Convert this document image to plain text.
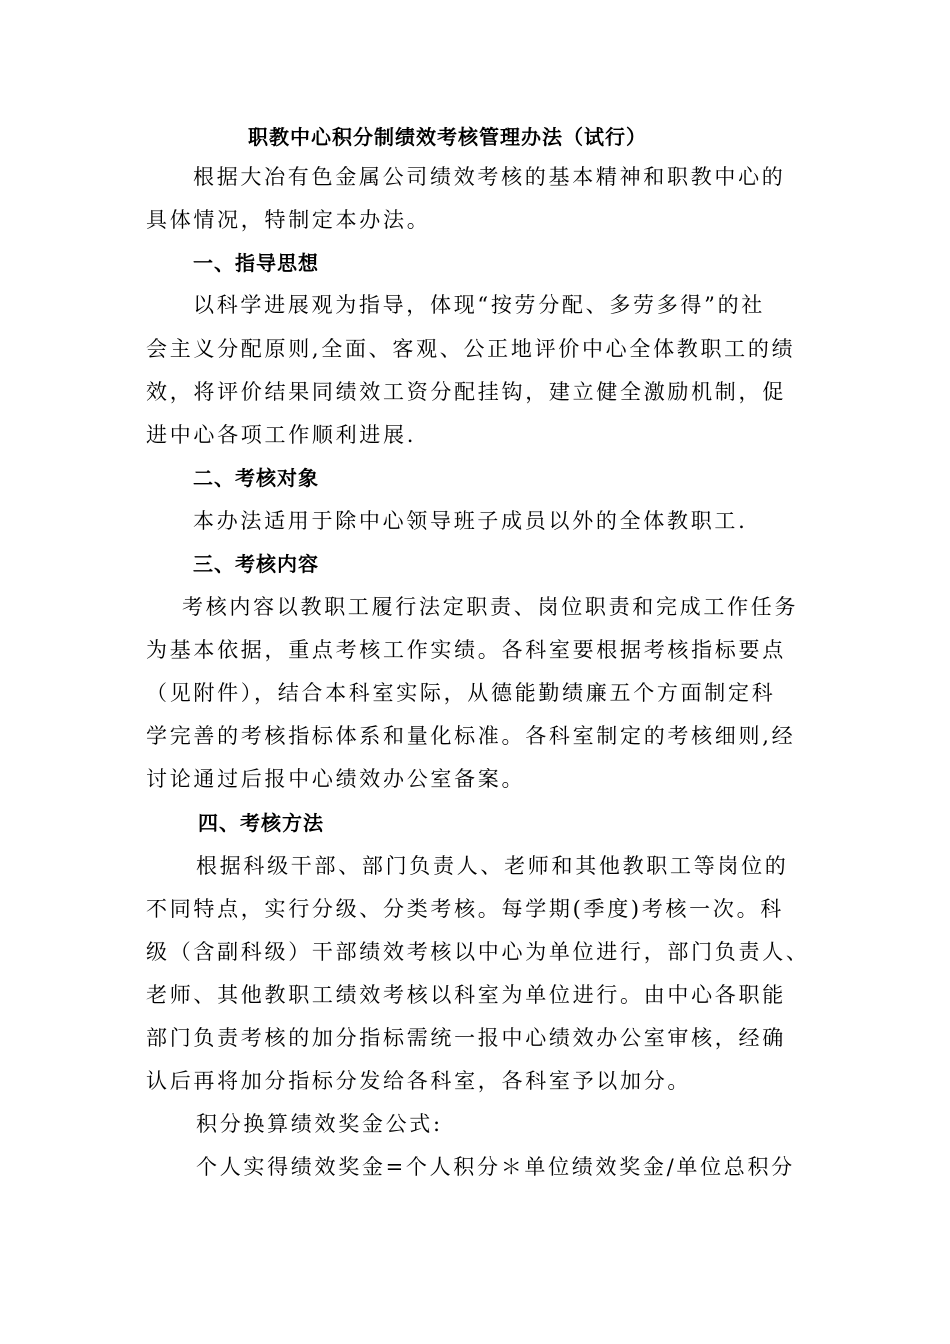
职教中心积分制绩效考核管理办法（试行）
根据大冶有色金属公司绩效考核的基本精神和职教中心的
具体情况，特制定本办法。
一、指导思想
以科学进展观为指导，体现“按劳分配、多劳多得”的社
会主义分配原则,全面、客观、公正地评价中心全体教职工的绩
效，将评价结果同绩效工资分配挂钩，建立健全激励机制，促
进中心各项工作顺利进展.
二、考核对象
本办法适用于除中心领导班子成员以外的全体教职工.
三、考核内容
考核内容以教职工履行法定职责、岗位职责和完成工作任务
为基本依据，重点考核工作实绩。各科室要根据考核指标要点
（见附件），结合本科室实际，从德能勤绩廉五个方面制定科
学完善的考核指标体系和量化标准。各科室制定的考核细则,经
讨论通过后报中心绩效办公室备案。
四、考核方法
根据科级干部、部门负责人、老师和其他教职工等岗位的
不同特点，实行分级、分类考核。每学期(季度)考核一次。科
级（含副科级）干部绩效考核以中心为单位进行，部门负责人、
老师、其他教职工绩效考核以科室为单位进行。由中心各职能
部门负责考核的加分指标需统一报中心绩效办公室审核，经确
认后再将加分指标分发给各科室，各科室予以加分。
积分换算绩效奖金公式:
个人实得绩效奖金=个人积分＊单位绩效奖金/单位总积分
